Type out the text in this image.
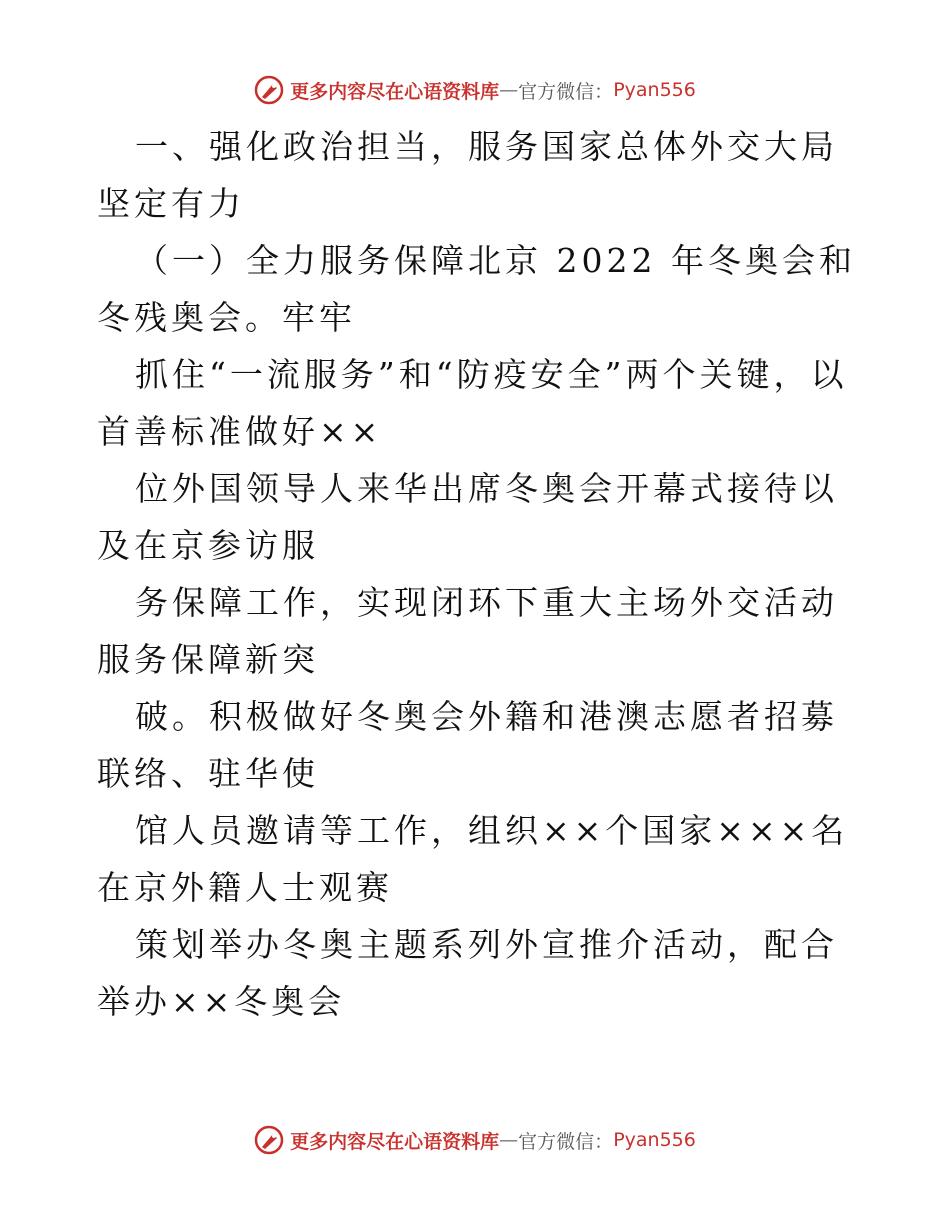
更多内容尽在心语资料库 — 官方微信： Pyan556

一、强化政治担当，服务国家总体外交大局坚定有力

（一）全力服务保障北京 2022 年冬奥会和冬残奥会。牢牢

抓住“一流服务”和“防疫安全”两个关键，以首善标准做好××

位外国领导人来华出席冬奥会开幕式接待以及在京参访服

务保障工作，实现闭环下重大主场外交活动服务保障新突

破。积极做好冬奥会外籍和港澳志愿者招募联络、驻华使

馆人员邀请等工作，组织××个国家×××名在京外籍人士观赛

策划举办冬奥主题系列外宣推介活动，配合举办××冬奥会

更多内容尽在心语资料库 — 官方微信： Pyan556
